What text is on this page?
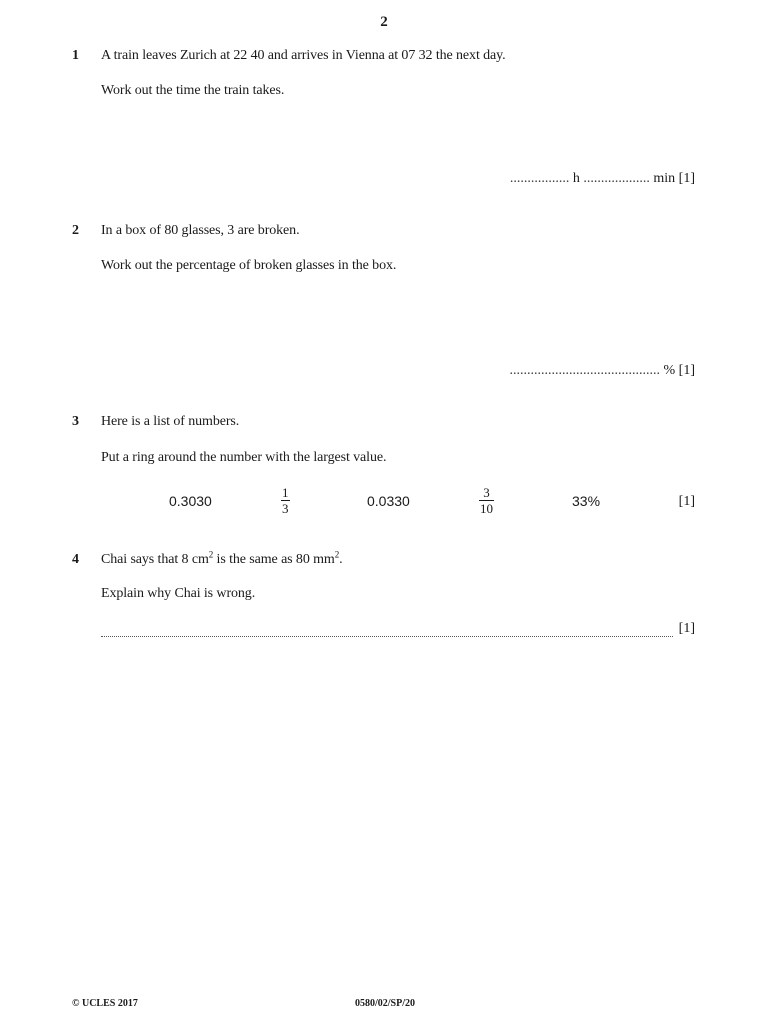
2
1 A train leaves Zurich at 22 40 and arrives in Vienna at 07 32 the next day.
Work out the time the train takes.
................. h ................... min [1]
2 In a box of 80 glasses, 3 are broken.
Work out the percentage of broken glasses in the box.
........................................... % [1]
3 Here is a list of numbers.
Put a ring around the number with the largest value.
0.3030
1
3	0.0330
3
10	33%	[1]
4 Chai says that 8 $cm^2$ is the same as 80 $mm^2$.
Explain why Chai is wrong.
[1]
© UCLES 2017	0580/02/SP/20
